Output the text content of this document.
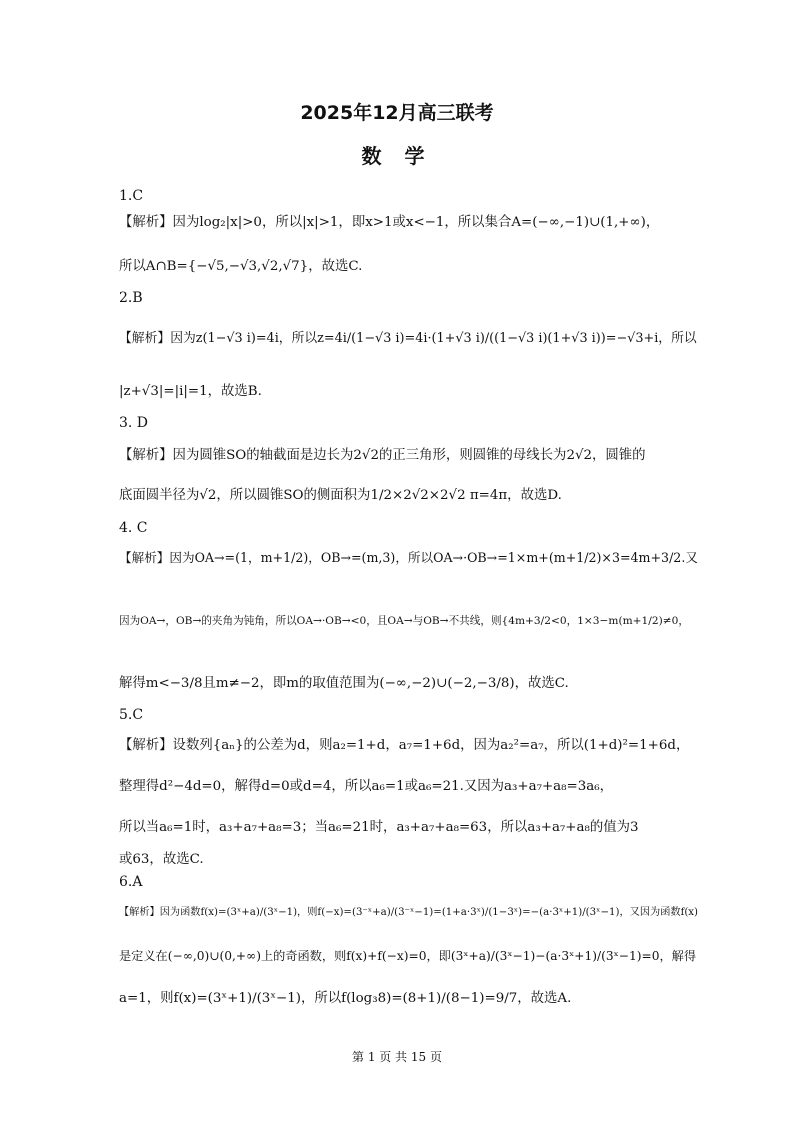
2025年12月高三联考
数 学
1.C
【解析】因为log₂|x|>0，所以|x|>1，即x>1或x<−1，所以集合A=(−∞,−1)∪(1,+∞)，
所以A∩B={−√5,−√3,√2,√7}，故选C.
2.B
【解析】因为z(1−√3 i)=4i，所以z=4i/(1−√3 i)=4i·(1+√3 i)/((1−√3 i)(1+√3 i))=−√3+i，所以
|z+√3|=|i|=1，故选B.
3. D
【解析】因为圆锥SO的轴截面是边长为2√2的正三角形，则圆锥的母线长为2√2，圆锥的
底面圆半径为√2，所以圆锥SO的侧面积为1/2×2√2×2√2 π=4π，故选D.
4. C
【解析】因为OA→=(1，m+1/2)，OB→=(m,3)，所以OA→·OB→=1×m+(m+1/2)×3=4m+3/2.又
因为OA→，OB→的夹角为钝角，所以OA→·OB→<0，且OA→与OB→不共线，则{4m+3/2<0，1×3−m(m+1/2)≠0，
解得m<−3/8且m≠−2，即m的取值范围为(−∞,−2)∪(−2,−3/8)，故选C.
5.C
【解析】设数列{aₙ}的公差为d，则a₂=1+d，a₇=1+6d，因为a₂²=a₇，所以(1+d)²=1+6d，
整理得d²−4d=0，解得d=0或d=4，所以a₆=1或a₆=21.又因为a₃+a₇+a₈=3a₆，
所以当a₆=1时，a₃+a₇+a₈=3；当a₆=21时，a₃+a₇+a₈=63，所以a₃+a₇+a₈的值为3
或63，故选C.
6.A
【解析】因为函数f(x)=(3ˣ+a)/(3ˣ−1)，则f(−x)=(3⁻ˣ+a)/(3⁻ˣ−1)=(1+a·3ˣ)/(1−3ˣ)=−(a·3ˣ+1)/(3ˣ−1)，又因为函数f(x)
是定义在(−∞,0)∪(0,+∞)上的奇函数，则f(x)+f(−x)=0，即(3ˣ+a)/(3ˣ−1)−(a·3ˣ+1)/(3ˣ−1)=0，解得
a=1，则f(x)=(3ˣ+1)/(3ˣ−1)，所以f(log₃8)=(8+1)/(8−1)=9/7，故选A.
第 1 页 共 15 页
